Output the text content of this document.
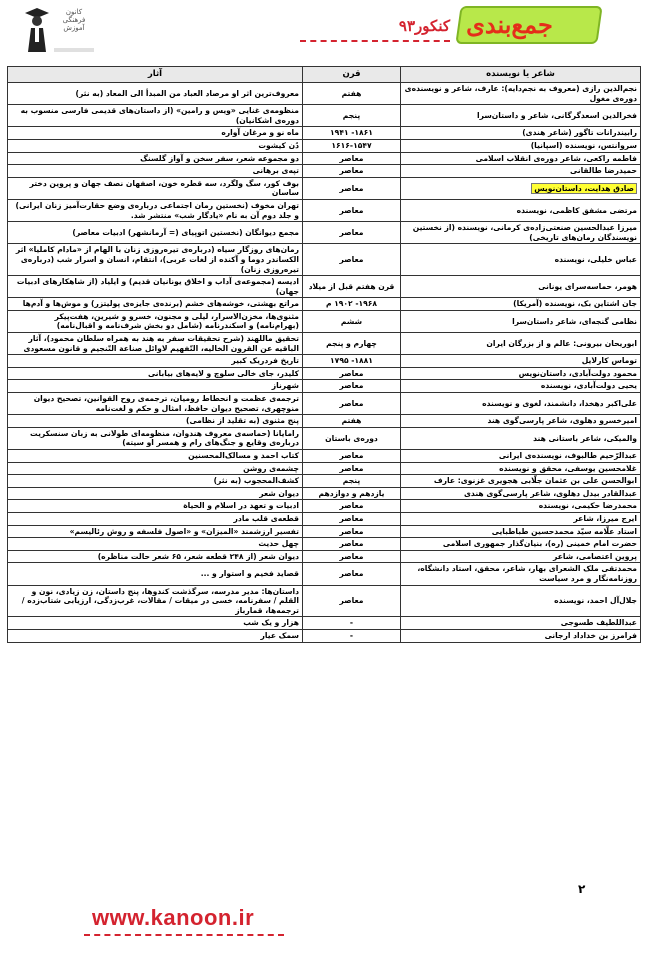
کانون فرهنگی آموزش	کنکور۹۳ جمع‌بندی
شاعر یا نویسنده	قرن	آثار
نجم‌الدین رازی (معروف به نجم‌دایه): عارف، شاعر و نویسنده‌ی دوره‌ی مغول	هفتم	معروف‌ترین اثر او مرصاد العباد من المبدأ الی المعاد (به نثر)
فخرالدین اسعدگرگانی، شاعر و داستان‌سرا	پنجم	منظومه‌ی غنایی «ویس و رامین» (از داستان‌های قدیمی فارسی منسوب به دوره‌ی اشکانیان)
رابیندرانات تاگور (شاعر هندی)	۱۸۶۱- ۱۹۴۱	ماه نو و مرغان آواره
سروانتس، نویسنده (اسپانیا)	۱۶۱۶-۱۵۴۷	دُن کیشوت
فاطمه راکعی، شاعر دوره‌ی انقلاب اسلامی	معاصر	دو مجموعه شعر، سفر سخن و آواز گلسنگ
حمیدرضا طالقانی	معاصر	تپه‌ی برهانی
صادق هدایت، داستان‌نویس	معاصر	بوف کور، سگ ولگرد، سه قطره خون، اصفهان نصف جهان و پروین دختر ساسان
مرتضی مشفق کاظمی، نویسنده	معاصر	تهران مخوف (نخستین رمان اجتماعی درباره‌ی وضع حقارت‌آمیز زنان ایرانی) و جلد دوم آن به نام «یادگار شب» منتشر شد.
میرزا عبدالحسین صنعتی‌زاده‌ی کرمانی، نویسنده (از نخستین نویسندگان رمان‌های تاریخی)	معاصر	مجمع دیوانگان (نخستین اتوپیای (= آرمانشهر) ادبیات معاصر)
عباس خلیلی، نویسنده	معاصر	رمان‌های روزگار سیاه (درباره‌ی تیره‌روزی زنان با الهام از «مادام کاملیا» اثر الکساندر دوما و آکنده از لغات عربی)، انتقام، انسان و اسرار شب (درباره‌ی تیره‌روزی زنان)
هومر، حماسه‌سرای یونانی	قرن هفتم قبل از میلاد	ادیسه (مجموعه‌ی آداب و اخلاق یونانیان قدیم) و ایلیاد (از شاهکارهای ادبیات جهان)
جان اشتاین بک، نویسنده (آمریکا)	۱۹۶۸- ۱۹۰۲ م	مراتع بهشتی، خوشه‌های خشم (برنده‌ی جایزه‌ی پولیتزر) و موش‌ها و آدم‌ها
نظامی گنجه‌ای، شاعر داستان‌سرا	ششم	مثنوی‌ها، مخزن‌الاسرار، لیلی و مجنون، خسرو و شیرین، هفت‌پیکر (بهرام‌نامه) و اسکندرنامه (شامل دو بخش شرف‌نامه و اقبال‌نامه)
ابوریحان بیرونی: عالم و از بزرگان ایران	چهارم و پنجم	تحقیق ماللهند (شرح تحقیقات سفر به هند به همراه سلطان محمود)، آثار الباقیه عن القرون الخالیه، التّفهیم لاوائل صناعة التّنجیم و قانون مسعودی
توماس کارلایل	۱۸۸۱- ۱۷۹۵	تاریخ فردریک کبیر
محمود دولت‌آبادی، داستان‌نویس	معاصر	کلیدر، جای خالی سلوچ و لایه‌های بیابانی
یحیی دولت‌آبادی، نویسنده	معاصر	شهرناز
علی‌اکبر دهخدا، دانشمند، لغوی و نویسنده	معاصر	ترجمه‌ی عظمت و انحطاط رومیان، ترجمه‌ی روح القوانین، تصحیح دیوان منوچهری، تصحیح دیوان حافظ، امثال و حکم و لغت‌نامه
امیرخسرو دهلوی، شاعر پارسی‌گوی هند	هفتم	پنج مثنوی (به تقلید از نظامی)
والمیکی، شاعر باستانی هند	دوره‌ی باستان	رامایانا (حماسه‌ی معروف هندوان، منظومه‌ای طولانی به زبان سنسکریت درباره‌ی وقایع و جنگ‌های رام و همسر او سیته)
عبدالرّحیم طالبوف، نویسنده‌ی ایرانی	معاصر	کتاب احمد و مسالک‌المحسنین
غلامحسین یوسفی، محقق و نویسنده	معاصر	چشمه‌ی روشن
ابوالحسن علی بن عثمان جلّابی هجویری غزنوی: عارف	پنجم	کشف‌المحجوب (به نثر)
عبدالقادر بیدل دهلوی، شاعر پارسی‌گوی هندی	یازدهم و دوازدهم	دیوان شعر
محمدرضا حکیمی، نویسنده	معاصر	ادبیات و تعهد در اسلام و الحیاة
ایرج میرزا، شاعر	معاصر	قطعه‌ی قلب مادر
استاد علّامه سیّد محمدحسین طباطبایی	معاصر	تفسیر ارزشمند «المیزان» و «اصول فلسفه و روش رئالیسم»
حضرت امام خمینی (ره)، بنیان‌گذار جمهوری اسلامی	معاصر	چهل حدیث
پروین اعتصامی، شاعر	معاصر	دیوان شعر (از ۲۴۸ قطعه شعر، ۶۵ شعر حالت مناظره)
محمدتقی ملک الشعرای بهار، شاعر، محقق، استاد دانشگاه، روزنامه‌نگار و مرد سیاست	معاصر	قصاید فخیم و استوار و ...
جلال‌آل احمد، نویسنده	معاصر	داستان‌ها: مدیر مدرسه، سرگذشت کندوها، پنج داستان، زن زیادی، نون و القلم / سفرنامه، خسی در میقات / مقالات، غرب‌زدگی، ارزیابی شتاب‌زده / ترجمه‌ها، قمارباز
عبداللطیف طسوجی	-	هزار و یک شب
فرامرز بن خداداد ارجانی	-	سمک عیار
۲
www.kanoon.ir
